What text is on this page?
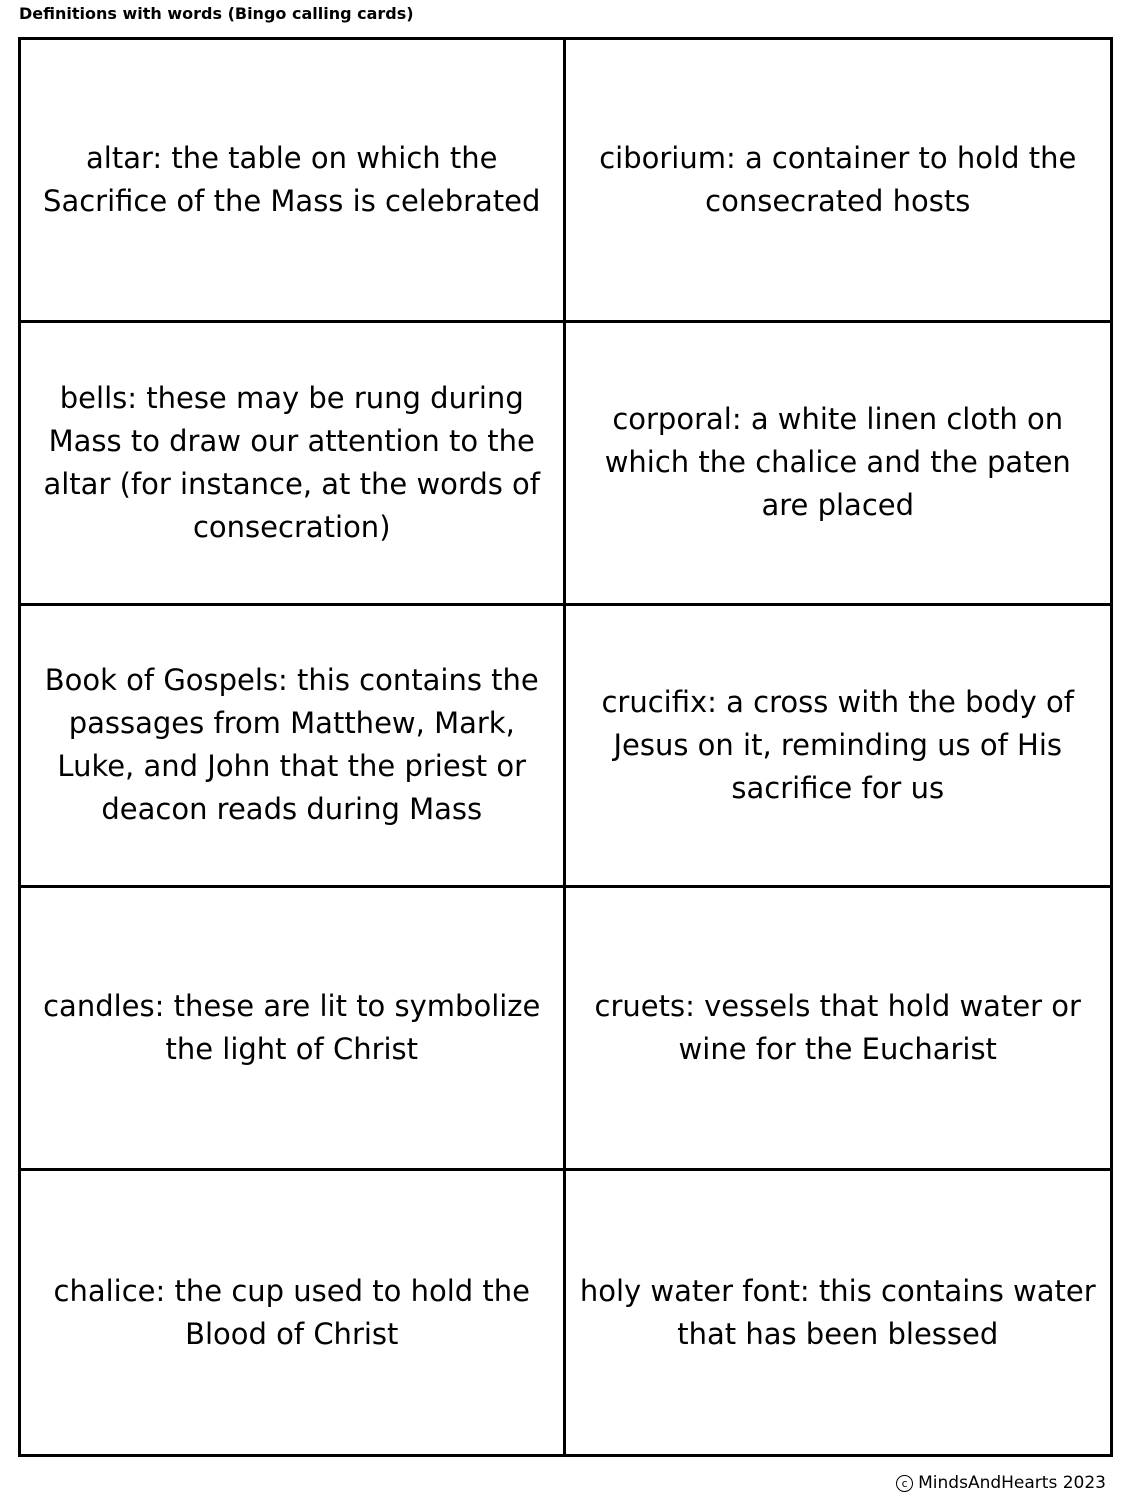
Definitions with words (Bingo calling cards)
altar: the table on which the Sacrifice of the Mass is celebrated
ciborium: a container to hold the consecrated hosts
bells: these may be rung during Mass to draw our attention to the altar (for instance, at the words of consecration)
corporal: a white linen cloth on which the chalice and the paten are placed
Book of Gospels: this contains the passages from Matthew, Mark, Luke, and John that the priest or deacon reads during Mass
crucifix: a cross with the body of Jesus on it, reminding us of His sacrifice for us
candles: these are lit to symbolize the light of Christ
cruets: vessels that hold water or wine for the Eucharist
chalice: the cup used to hold the Blood of Christ
holy water font: this contains water that has been blessed
c MindsAndHearts 2023
